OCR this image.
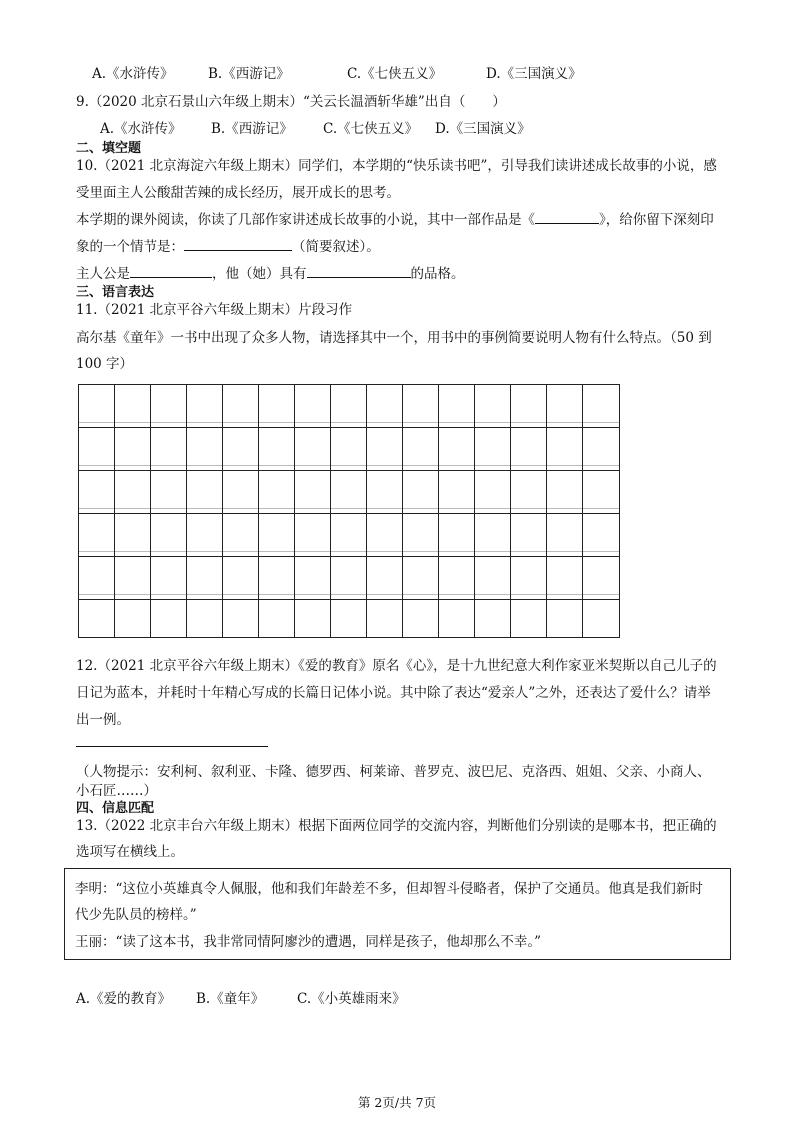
A.《水浒传》	B.《西游记》	C.《七侠五义》	D.《三国演义》
9.（2020 北京石景山六年级上期末）“关云长温酒斩华雄”出自（　　）
A.《水浒传》 B.《西游记》 C.《七侠五义》 D.《三国演义》
二、填空题
10.（2021 北京海淀六年级上期末）同学们，本学期的“快乐读书吧”，引导我们读讲述成长故事的小说，感
受里面主人公酸甜苦辣的成长经历，展开成长的思考。
本学期的课外阅读，你读了几部作家讲述成长故事的小说，其中一部作品是《	》，给你留下深刻印
象的一个情节是：	（简要叙述）。
主人公是	，他（她）具有	的品格。
三、语言表达
11.（2021 北京平谷六年级上期末）片段习作
高尔基《童年》一书中出现了众多人物，请选择其中一个，用书中的事例简要说明人物有什么特点。（50 到
100 字）
12.（2021 北京平谷六年级上期末）《爱的教育》原名《心》，是十九世纪意大利作家亚米契斯以自己儿子的
日记为蓝本，并耗时十年精心写成的长篇日记体小说。其中除了表达“爱亲人”之外，还表达了爱什么？请举
出一例。
（人物提示：安利柯、叙利亚、卡隆、德罗西、柯莱谛、普罗克、波巴尼、克洛西、姐姐、父亲、小商人、
小石匠……）
四、信息匹配
13.（2022 北京丰台六年级上期末）根据下面两位同学的交流内容，判断他们分别读的是哪本书，把正确的
选项写在横线上。
李明：“这位小英雄真令人佩服，他和我们年龄差不多，但却智斗侵略者，保护了交通员。他真是我们新时
代少先队员的榜样。”
王丽：“读了这本书，我非常同情阿廖沙的遭遇，同样是孩子，他却那么不幸。”
A.《爱的教育》 B.《童年》 C.《小英雄雨来》
第 2页/共 7页
